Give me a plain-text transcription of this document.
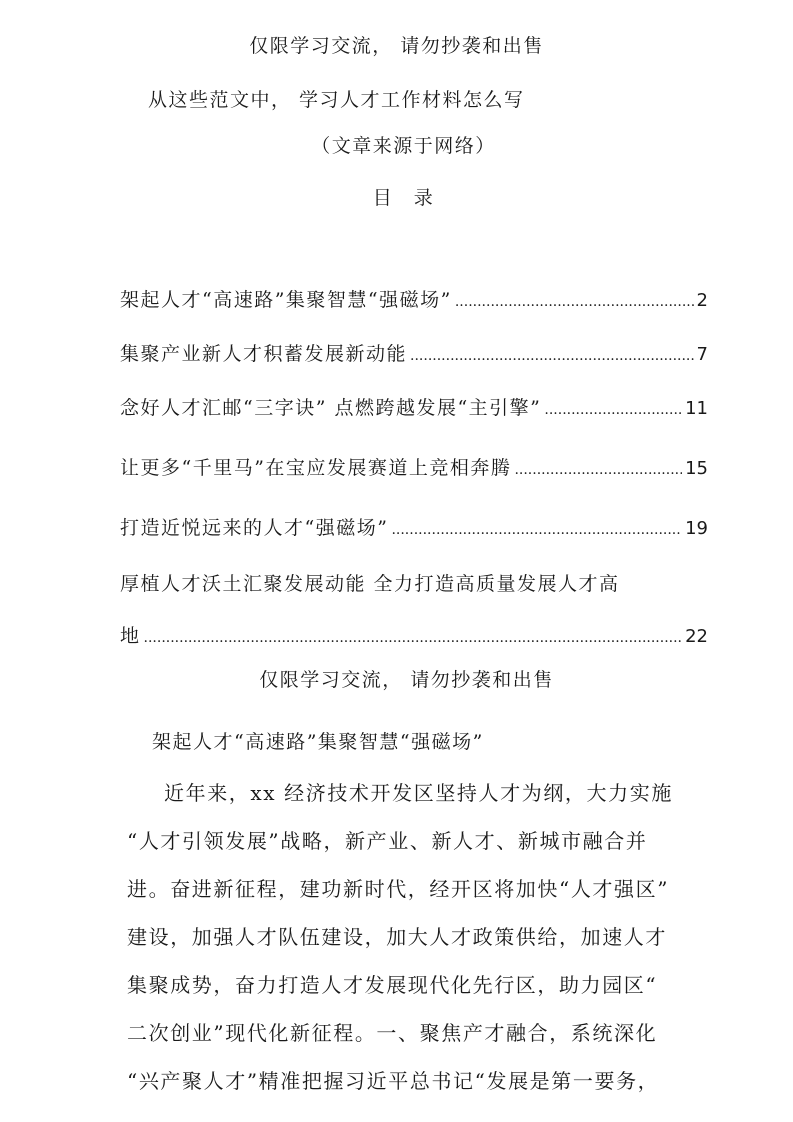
仅限学习交流， 请勿抄袭和出售
从这些范文中， 学习人才工作材料怎么写
（文章来源于网络）
目　录
架起人才“高速路”集聚智慧“强磁场” .....	2
集聚产业新人才积蓄发展新动能 .....	7
念好人才汇邮“三字诀” 点燃跨越发展“主引擎” .....	11
让更多“千里马”在宝应发展赛道上竞相奔腾 .....	15
打造近悦远来的人才“强磁场” .....	19
厚植人才沃土汇聚发展动能 全力打造高质量发展人才高
地 .....	22
仅限学习交流， 请勿抄袭和出售
架起人才“高速路”集聚智慧“强磁场”
近年来，xx 经济技术开发区坚持人才为纲，大力实施
“人才引领发展”战略，新产业、新人才、新城市融合并
进。奋进新征程，建功新时代，经开区将加快“人才强区”
建设，加强人才队伍建设，加大人才政策供给，加速人才
集聚成势，奋力打造人才发展现代化先行区，助力园区“
二次创业”现代化新征程。一、聚焦产才融合，系统深化
“兴产聚人才”精准把握习近平总书记“发展是第一要务，
